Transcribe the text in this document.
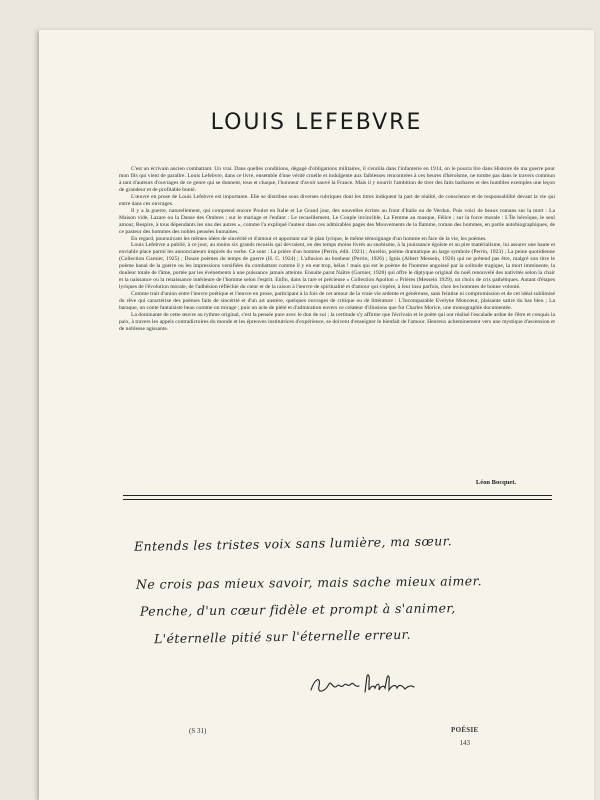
LOUIS LEFEBVRE

C'est un écrivain ancien combattant. Un vrai. Dans quelles conditions, dégagé d'obligations militaires, il s'enrôla dans l'infanterie en 1914, on le pourra lire dans Histoire de ma guerre pour mon fils qui vient de paraître. Louis Lefebvre, dans ce livre, ensemble d'une vérité cruelle et indulgente aux faiblesses rencontrées à ces heures d'héroïsme, ne tombe pas dans le travers commun à tant d'auteurs d'ouvrages de ce genre qui se donnent, tous et chaque, l'honneur d'avoir sauvé la France. Mais il y nourrit l'ambition de tirer des faits barbares et des humbles exemples une leçon de grandeur et de profitable bonté.

L'œuvre en prose de Louis Lefebvre est importante. Elle se distribue sous diverses rubriques dont les titres indiquent la part de réalité, de conscience et de responsabilité devant la vie qui entre dans ces ouvrages.

Il y a la guerre, naturellement, qui comprend encore Poulot en Italie et Le Grand jour, des nouvelles écrites au front d'Italie ou de Verdun. Puis voici de beaux romans sur la mort : La Maison vide, Lazare ou la Danse des Ombres ; sur le mariage et l'enfant : Le recueillement, Le Couple invincible, La Femme au masque, Félice ; sur la force morale : L'Île héroïque, le seul amour, Respire, à tous dépendants les uns des autres », comme l'a expliqué l'auteur dans ces admirables pages des Mouvements de la flamme, roman des hommes, en partie autobiographiques, de ce pasteur des hommes des nobles pensées humaines.

En regard, poursuivant les mêmes idées de sincérité et d'amour et apportant sur le plan lyrique, le même témoignage d'un homme en face de la vie, les poèmes.

Louis Lefebvre a publié, à ce jour, au moins six grands recueils qui devraient, en des temps moins livrés au snobisme, à la jouissance égoïste et au pire matérialisme, lui assurer une haute et enviable place parmi les annonciateurs inspirés du verbe. Ce sont : La prière d'un homme (Perrin, édit. 1921) ; Aurélio, poème dramatique au large symbole (Perrin, 1923) ; La peine quotidienne (Collection Garnier, 1925) ; Douze poèmes du temps de guerre (H. C. 1924) ; L'allusion au bonheur (Perrin, 1926) ; Ignis (Albert Messein, 1926) qui ne prétend pas être, malgré son titre le poème banal de la guerre ou les impressions versifiées du combattant comme il y en eut trop, hélas ! mais qui est le poème de l'homme angoissé par la solitude tragique, la mort imminente, la douleur totale de l'âme, portée par les événements à une puissance jamais atteinte. Ensuite parut Naître (Garnier, 1928) qui offre le diptyque original du noël renouvelé des nativités selon la chair et la naissance ou la renaissance intérieure de l'homme selon l'esprit. Enfin, dans la rare et précieuse « Collection Apollon » Prières (Messein 1929), un choix de cris pathétiques. Autant d'étapes lyriques de l'évolution morale, de l'adhésion réfléchie du cœur et de la raison à l'œuvre de spiritualité et d'amour qui s'opère, à leur insu parfois, chez les hommes de bonne volonté.

Comme trait d'union entre l'œuvre poétique et l'œuvre en prose, participant à la fois de cet amour de la vraie vie ardente et généreuse, sans feintise ni compromission et de cet idéal sublimisé du rêve qui caractérise des poèmes faits de sincérité et d'un art austère, quelques ouvrages de critique ou de littérature : L'Incomparable Evelyne Moncœur, plaisante satire du bas bleu ; La baraque, un conte fantaisiste beau comme un mirage ; puis un acte de piété et d'admiration envers ce créateur d'illusions que fut Charles Morice, une monographie documentée.

La dominante de cette œuvre au rythme original, c'est la pensée pure avec le don de soi ; la certitude s'y affirme que l'écrivain et le poète qui ont réalisé l'escalade ardue de l'être et conquis la paix, à travers les appels contradictoires du monde et les épreuves institutrices d'expérience, se doivent d'enseigner le bienfait de l'amour. Heureux acheminement vers une mystique d'ascension et de noblesse agissante.

Léon Bocquet.
Entends les tristes voix sans lumière, ma sœur.
Ne crois pas mieux savoir, mais sache mieux aimer.
Penche, d'un cœur fidèle et prompt à s'animer,
L'éternelle pitié sur l'éternelle erreur.
(S 31)	POÉSIE
143
